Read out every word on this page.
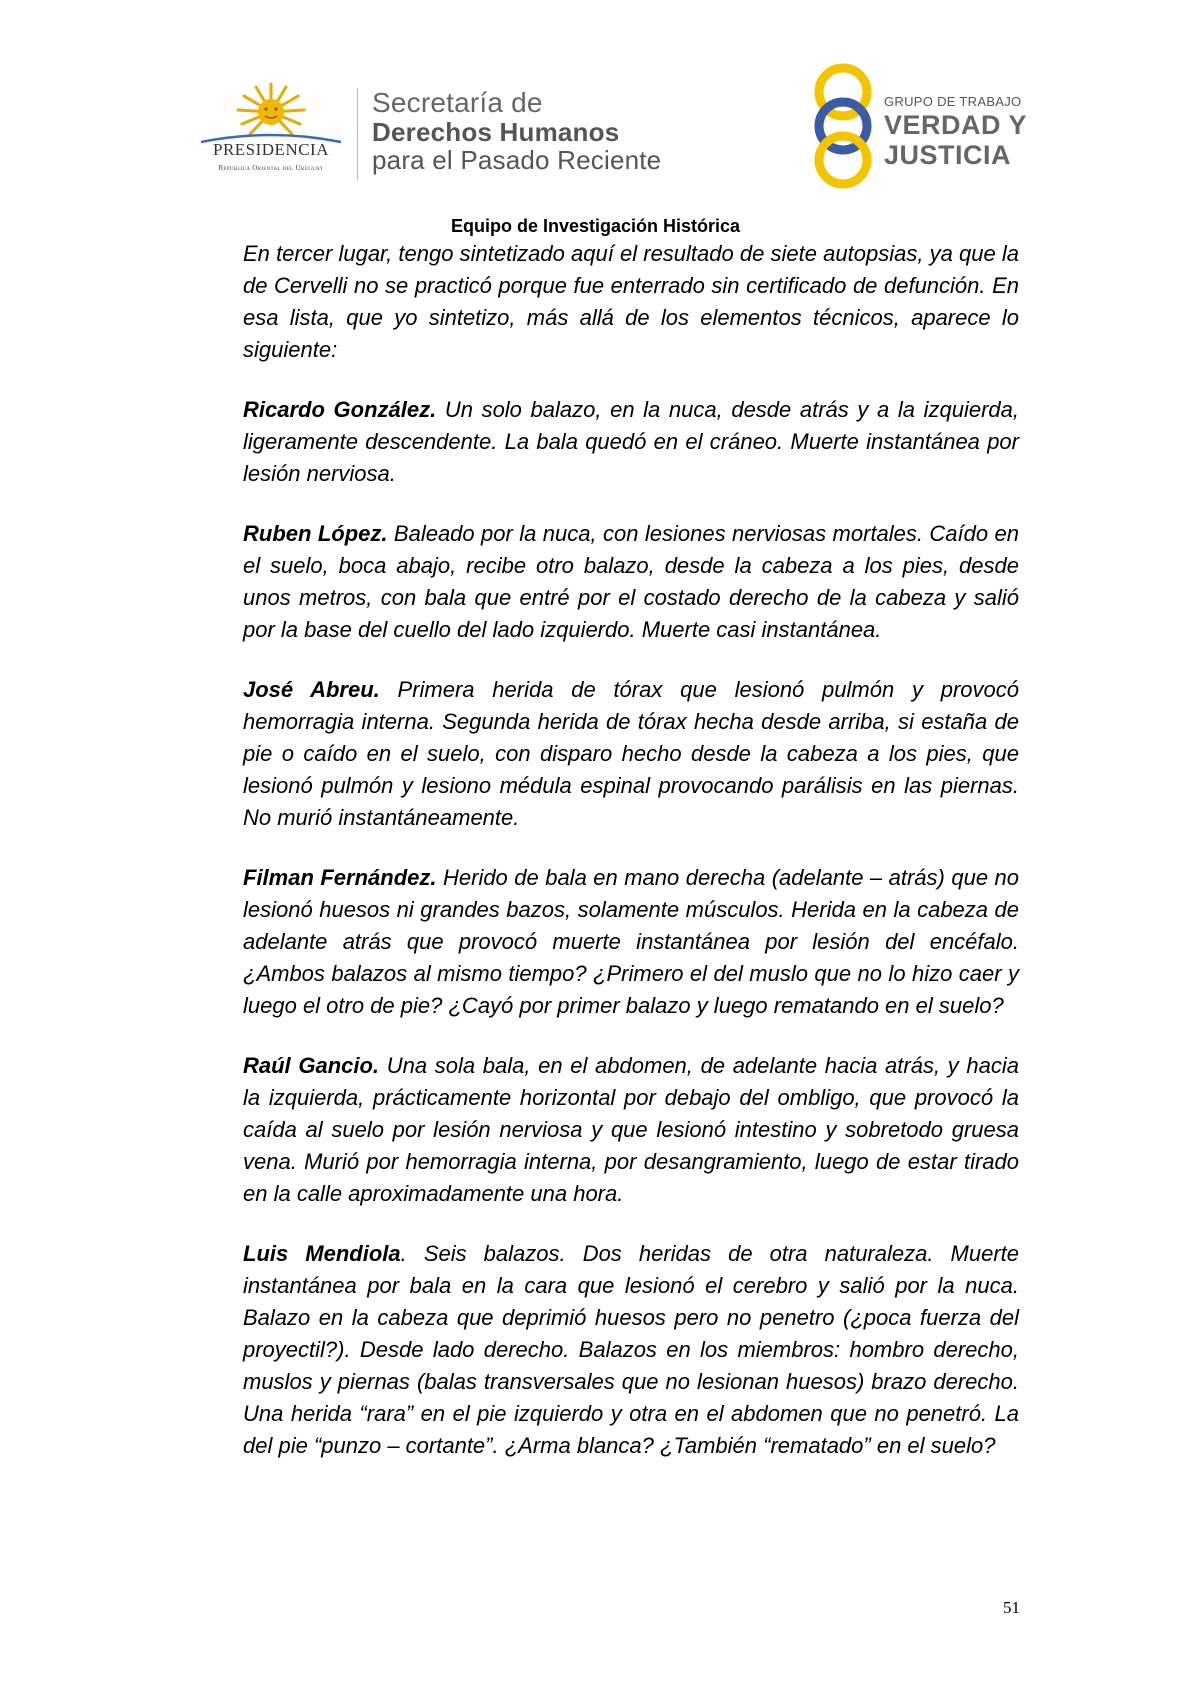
PRESIDENCIA
República Oriental del Uruguay
Secretaría de
Derechos Humanos
para el Pasado Reciente
GRUPO DE TRABAJO
VERDAD Y
JUSTICIA
Equipo de Investigación Histórica

En tercer lugar, tengo sintetizado aquí el resultado de siete autopsias, ya que la de Cervelli no se practicó porque fue enterrado sin certificado de defunción. En esa lista, que yo sintetizo, más allá de los elementos técnicos, aparece lo siguiente:

Ricardo González. Un solo balazo, en la nuca, desde atrás y a la izquierda, ligeramente descendente. La bala quedó en el cráneo. Muerte instantánea por lesión nerviosa.

Ruben López. Baleado por la nuca, con lesiones nerviosas mortales. Caído en el suelo, boca abajo, recibe otro balazo, desde la cabeza a los pies, desde unos metros, con bala que entré por el costado derecho de la cabeza y salió por la base del cuello del lado izquierdo. Muerte casi instantánea.

José Abreu. Primera herida de tórax que lesionó pulmón y provocó hemorragia interna. Segunda herida de tórax hecha desde arriba, si estaña de pie o caído en el suelo, con disparo hecho desde la cabeza a los pies, que lesionó pulmón y lesiono médula espinal provocando parálisis en las piernas. No murió instantáneamente.

Filman Fernández. Herido de bala en mano derecha (adelante – atrás) que no lesionó huesos ni grandes bazos, solamente músculos. Herida en la cabeza de adelante atrás que provocó muerte instantánea por lesión del encéfalo. ¿Ambos balazos al mismo tiempo? ¿Primero el del muslo que no lo hizo caer y luego el otro de pie? ¿Cayó por primer balazo y luego rematando en el suelo?

Raúl Gancio. Una sola bala, en el abdomen, de adelante hacia atrás, y hacia la izquierda, prácticamente horizontal por debajo del ombligo, que provocó la caída al suelo por lesión nerviosa y que lesionó intestino y sobretodo gruesa vena. Murió por hemorragia interna, por desangramiento, luego de estar tirado en la calle aproximadamente una hora.

Luis Mendiola. Seis balazos. Dos heridas de otra naturaleza. Muerte instantánea por bala en la cara que lesionó el cerebro y salió por la nuca. Balazo en la cabeza que deprimió huesos pero no penetro (¿poca fuerza del proyectil?). Desde lado derecho. Balazos en los miembros: hombro derecho, muslos y piernas (balas transversales que no lesionan huesos) brazo derecho. Una herida “rara” en el pie izquierdo y otra en el abdomen que no penetró. La del pie “punzo – cortante”. ¿Arma blanca? ¿También “rematado” en el suelo?

51
